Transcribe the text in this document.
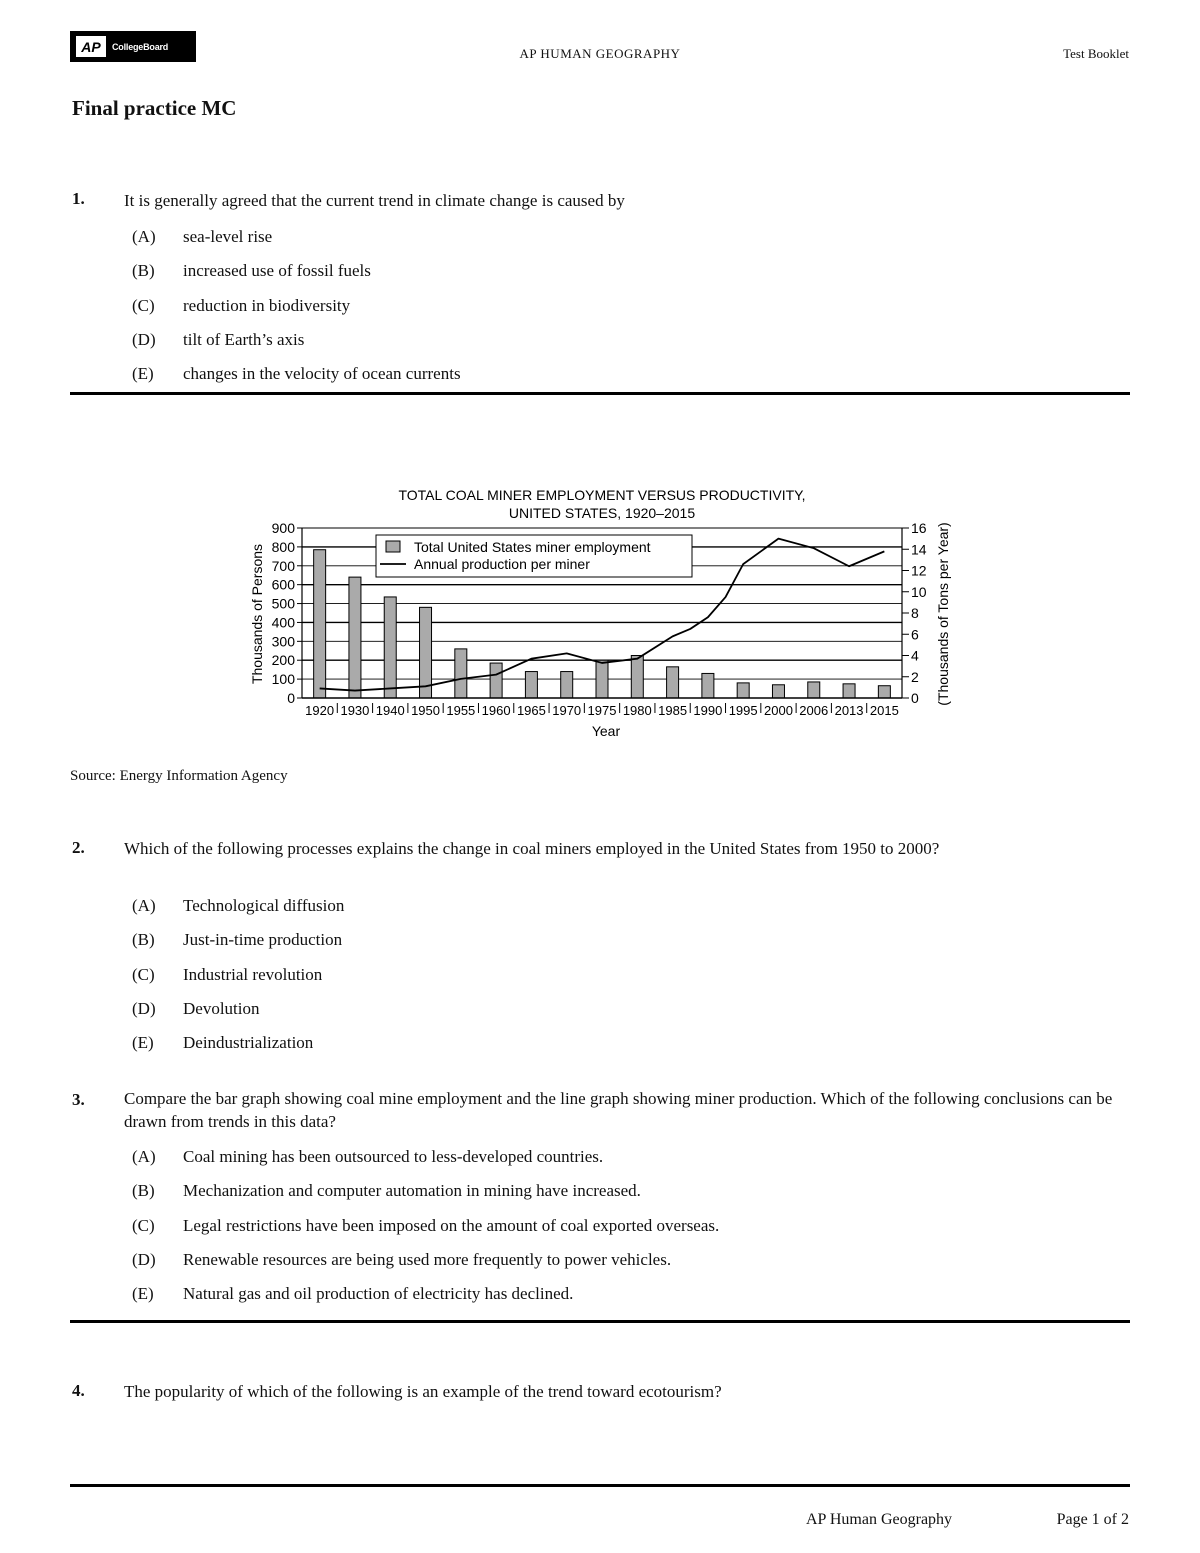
AP	CollegeBoard	AP HUMAN GEOGRAPHY	Test Booklet
Final practice MC
1. It is generally agreed that the current trend in climate change is caused by
(A)	sea-level rise
(B)	increased use of fossil fuels
(C)	reduction in biodiversity
(D)	tilt of Earth’s axis
(E)	changes in the velocity of ocean currents
TOTAL COAL MINER EMPLOYMENT VERSUS PRODUCTIVITY,
UNITED STATES, 1920–2015
Thousands of Persons	(Thousands of Tons per Year)
Year
0
100
200
300
400
500
600
700
800
900
0
2
4
6
8
10
12
14
16
1920 1930 1940 1950 1955 1960 1965 1970 1975 1980 1985 1990 1995 2000 2006 2013 2015
Total United States miner employment
Annual production per miner
Source: Energy Information Agency
2. Which of the following processes explains the change in coal miners employed in the United States from 1950 to 2000?
(A)	Technological diffusion
(B)	Just-in-time production
(C)	Industrial revolution
(D)	Devolution
(E)	Deindustrialization
3. Compare the bar graph showing coal mine employment and the line graph showing miner production. Which of the following conclusions can be drawn from trends in this data?
(A)	Coal mining has been outsourced to less-developed countries.
(B)	Mechanization and computer automation in mining have increased.
(C)	Legal restrictions have been imposed on the amount of coal exported overseas.
(D)	Renewable resources are being used more frequently to power vehicles.
(E)	Natural gas and oil production of electricity has declined.
4. The popularity of which of the following is an example of the trend toward ecotourism?
AP Human Geography	Page 1 of 2
